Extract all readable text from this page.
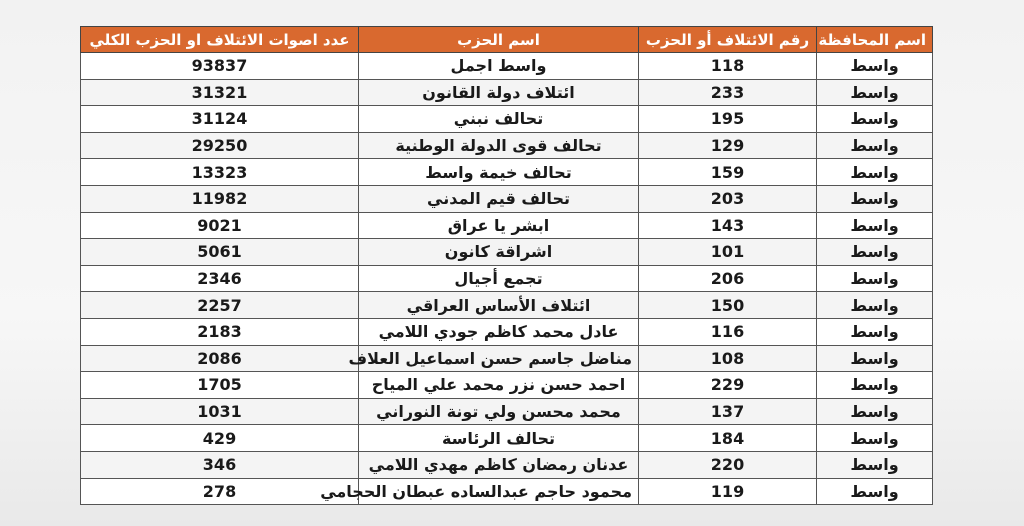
عدد اصوات الائتلاف او الحزب الكلي	اسم الحزب	رقم الائتلاف أو الحزب	اسم المحافظة
93837	واسط اجمل	118	واسط
31321	ائتلاف دولة القانون	233	واسط
31124	تحالف نبني	195	واسط
29250	تحالف قوى الدولة الوطنية	129	واسط
13323	تحالف خيمة واسط	159	واسط
11982	تحالف قيم المدني	203	واسط
9021	ابشر يا عراق	143	واسط
5061	اشراقة كانون	101	واسط
2346	تجمع أجيال	206	واسط
2257	ائتلاف الأساس العراقي	150	واسط
2183	عادل محمد كاظم جودي اللامي	116	واسط
2086	مناضل جاسم حسن اسماعيل العلاف	108	واسط
1705	احمد حسن نزر محمد علي المياح	229	واسط
1031	محمد محسن ولي تونة النوراني	137	واسط
429	تحالف الرئاسة	184	واسط
346	عدنان رمضان كاظم مهدي اللامي	220	واسط
278	محمود حاجم عبدالساده عبطان الحجامي	119	واسط
